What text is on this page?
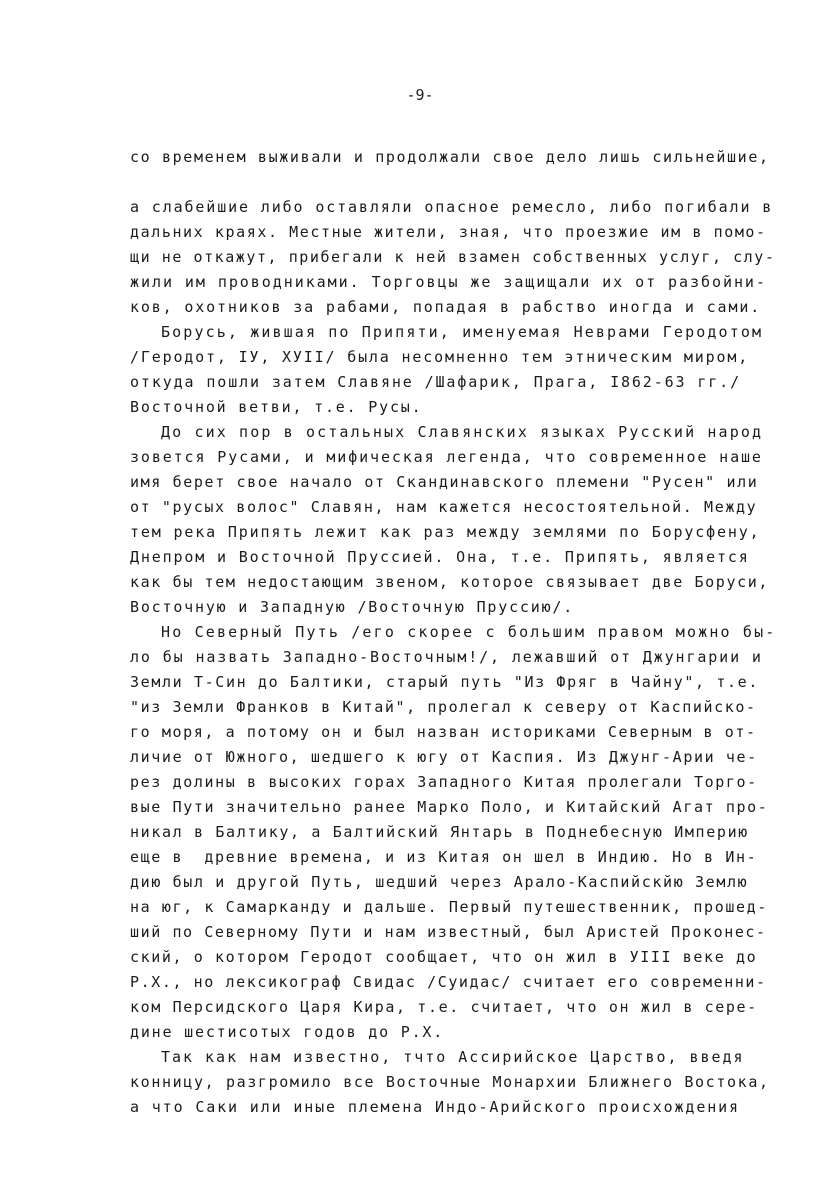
-9-
со временем выживали и продолжали свое дело лишь сильнейшие,
а слабейшие либо оставляли опасное ремесло, либо погибали в
дальних краях. Местные жители, зная, что проезжие им в помо-
щи не откажут, прибегали к ней взамен собственных услуг, слу-
жили им проводниками. Торговцы же защищали их от разбойни-
ков, охотников за рабами, попадая в рабство иногда и сами.
Борусь, жившая по Припяти, именуемая Неврами Геродотом
/Геродот, IУ, XУII/ была несомненно тем этническим миром,
откуда пошли затем Славяне /Шафарик, Прага, I862-63 гг./
Восточной ветви, т.е. Русы.
До сих пор в остальных Славянских языках Русский народ
зовется Русами, и мифическая легенда, что современное наше
имя берет свое начало от Скандинавского племени "Русен" или
от "русых волос" Славян, нам кажется несостоятельной. Между
тем река Припять лежит как раз между землями по Борусфену,
Днепром и Восточной Пруссией. Она, т.е. Припять, является
как бы тем недостающим звеном, которое связывает две Боруси,
Восточную и Западную /Восточную Пруссию/.
Но Северный Путь /его скорее с большим правом можно бы-
ло бы назвать Западно-Восточным!/, лежавший от Джунгарии и
Земли Т-Син до Балтики, старый путь "Из Фряг в Чайну", т.е.
"из Земли Франков в Китай", пролегал к северу от Каспийско-
го моря, а потому он и был назван историками Северным в от-
личие от Южного, шедшего к югу от Каспия. Из Джунг-Арии че-
рез долины в высоких горах Западного Китая пролегали Торго-
вые Пути значительно ранее Марко Поло, и Китайский Агат про-
никал в Балтику, а Балтийский Янтарь в Поднебесную Империю
еще в  древние времена, и из Китая он шел в Индию. Но в Ин-
дию был и другой Путь, шедший через Арало-Каспийскйю Землю
на юг, к Самарканду и дальше. Первый путешественник, прошед-
ший по Северному Пути и нам известный, был Аристей Проконес-
ский, о котором Геродот сообщает, что он жил в УIII веке до
Р.Х., но лексикограф Свидас /Суидас/ считает его современни-
ком Персидского Царя Кира, т.е. считает, что он жил в сере-
дине шестисотых годов до Р.Х.
Так как нам известно, тчто Ассирийское Царство, введя
конницу, разгромило все Восточные Монархии Ближнего Востока,
а что Саки или иные племена Индо-Арийского происхождения
